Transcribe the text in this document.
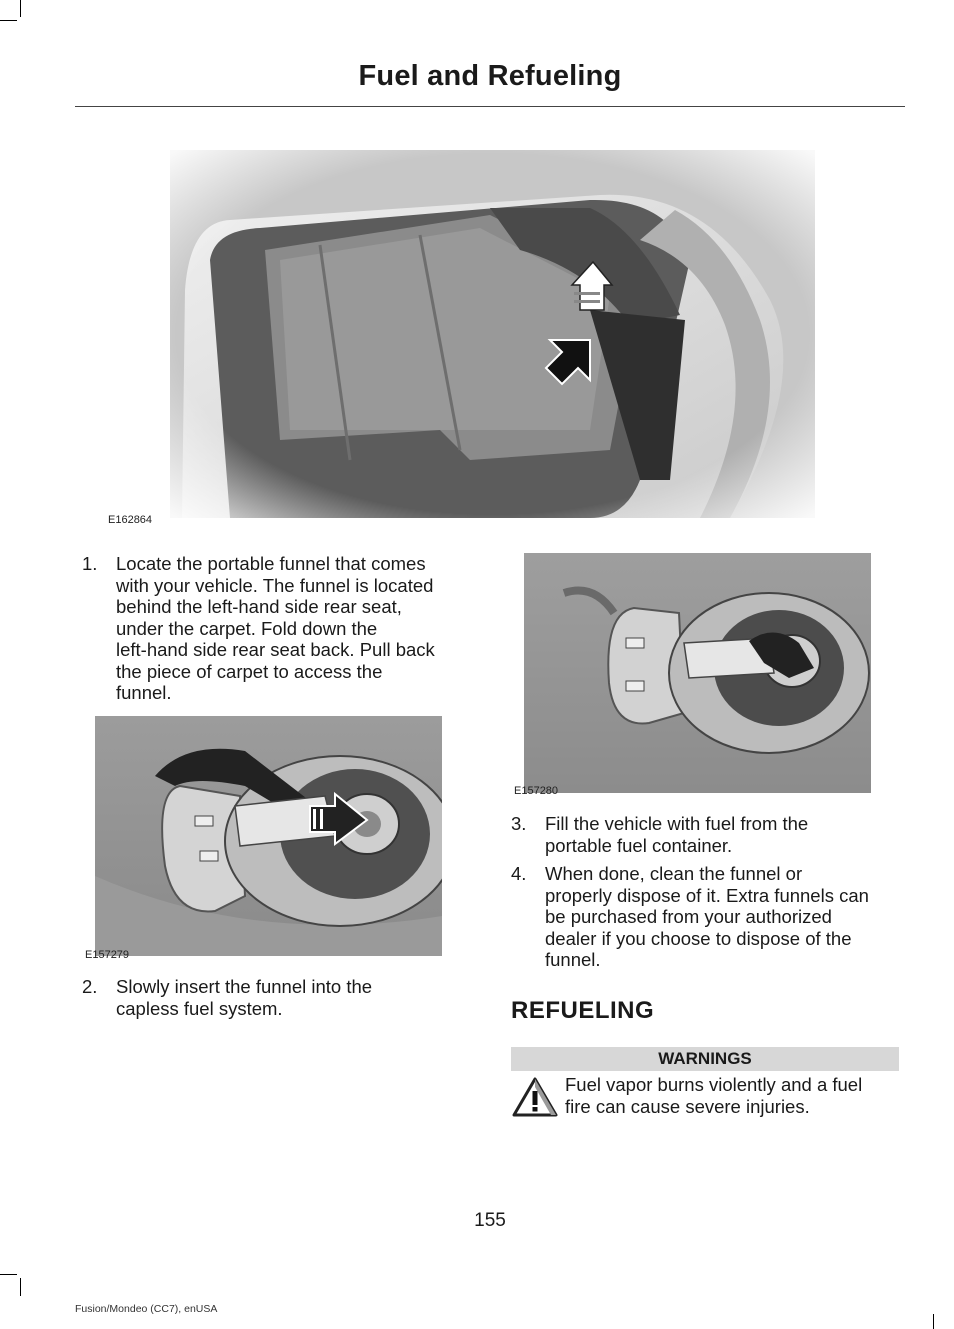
Fuel and Refueling
E162864
1. Locate the portable funnel that comes
with your vehicle. The funnel is located
behind the left-hand side rear seat,
under the carpet. Fold down the
left-hand side rear seat back. Pull back
the piece of carpet to access the
funnel.
E157279
2. Slowly insert the funnel into the
capless fuel system.
E157280
3. Fill the vehicle with fuel from the
portable fuel container.
4. When done, clean the funnel or
properly dispose of it. Extra funnels can
be purchased from your authorized
dealer if you choose to dispose of the
funnel.
REFUELING
WARNINGS
Fuel vapor burns violently and a fuel
fire can cause severe injuries.
155
Fusion/Mondeo (CC7), enUSA
